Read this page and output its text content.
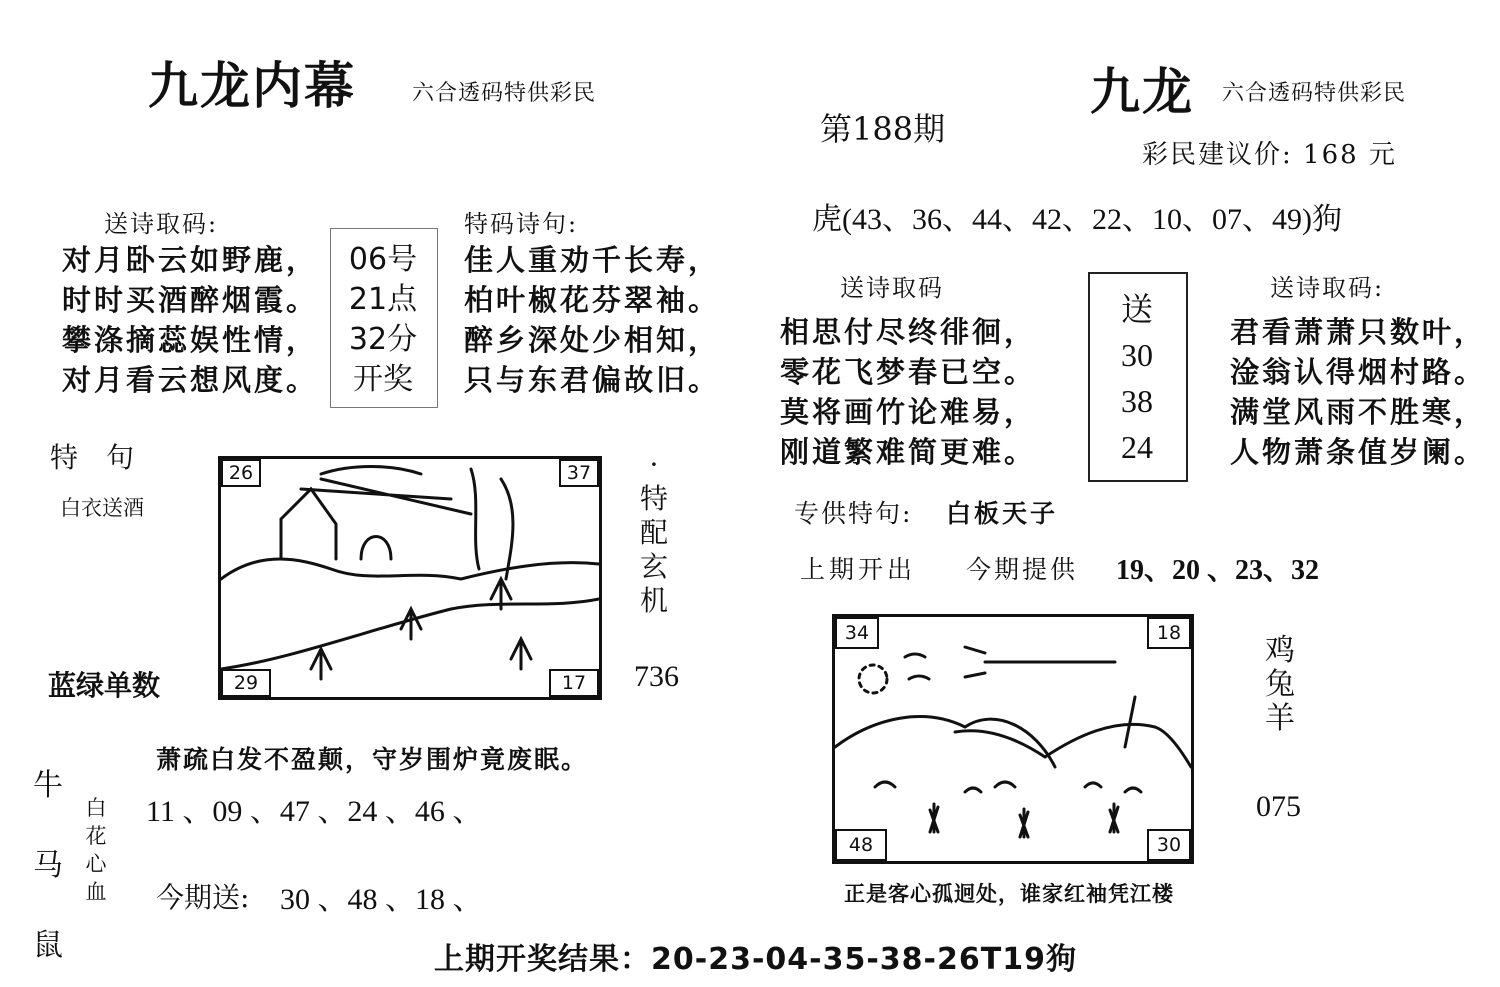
九龙内幕	六合透码特供彩民
送诗取码:
对月卧云如野鹿，
时时买酒醉烟霞。
攀涤摘蕊娱性情，
对月看云想风度。
06号
21点
32分
开奖
特码诗句:
佳人重劝千长寿，
柏叶椒花芬翠袖。
醉乡深处少相知，
只与东君偏故旧。
特　句
白衣送酒
26	37
29	17
·
特
配
玄
机
736
蓝绿单数
萧疏白发不盈颠，守岁围炉竟废眠。
牛
马
鼠
白
花
心
血
11 、09 、47 、24 、46 、
今期送: 30 、48 、18 、
九龙 六合透码特供彩民
第188期
彩民建议价: 168 元
虎(43、36、44、42、22、10、07、49)狗
送诗取码
相思付尽终徘徊，
零花飞梦春已空。
莫将画竹论难易，
刚道繁难简更难。
送
30
38
24
送诗取码:
君看萧萧只数叶，
淦翁认得烟村路。
满堂风雨不胜寒，
人物萧条值岁阑。
专供特句: 白板天子
上期开出 今期提供 19、20 、23、32
34	18
48	30
鸡
兔
羊
075
正是客心孤迥处，谁家红袖凭江楼
上期开奖结果：20-23-04-35-38-26T19狗
